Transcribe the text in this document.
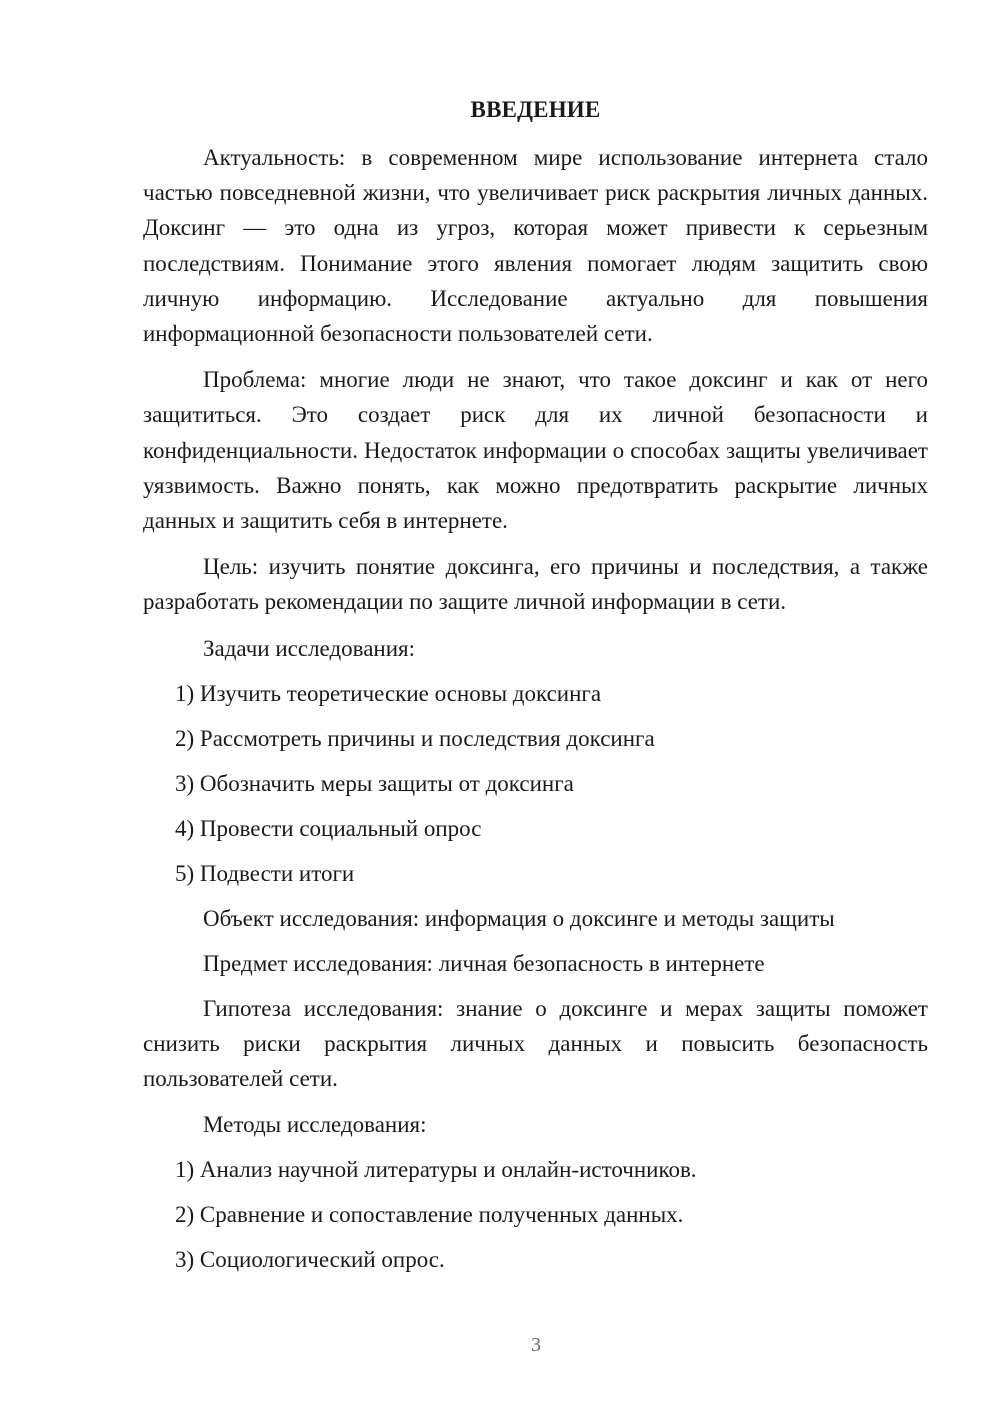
ВВЕДЕНИЕ

Актуальность: в современном мире использование интернета стало частью повседневной жизни, что увеличивает риск раскрытия личных данных. Доксинг — это одна из угроз, которая может привести к серьезным последствиям. Понимание этого явления помогает людям защитить свою личную информацию. Исследование актуально для повышения информационной безопасности пользователей сети.

Проблема: многие люди не знают, что такое доксинг и как от него защититься. Это создает риск для их личной безопасности и конфиденциальности. Недостаток информации о способах защиты увеличивает уязвимость. Важно понять, как можно предотвратить раскрытие личных данных и защитить себя в интернете.

Цель: изучить понятие доксинга, его причины и последствия, а также разработать рекомендации по защите личной информации в сети.

Задачи исследования:
1) Изучить теоретические основы доксинга
2) Рассмотреть причины и последствия доксинга
3) Обозначить меры защиты от доксинга
4) Провести социальный опрос
5) Подвести итоги
Объект исследования: информация о доксинге и методы защиты
Предмет исследования: личная безопасность в интернете

Гипотеза исследования: знание о доксинге и мерах защиты поможет снизить риски раскрытия личных данных и повысить безопасность пользователей сети.

Методы исследования:
1) Анализ научной литературы и онлайн-источников.
2) Сравнение и сопоставление полученных данных.
3) Социологический опрос.
3
